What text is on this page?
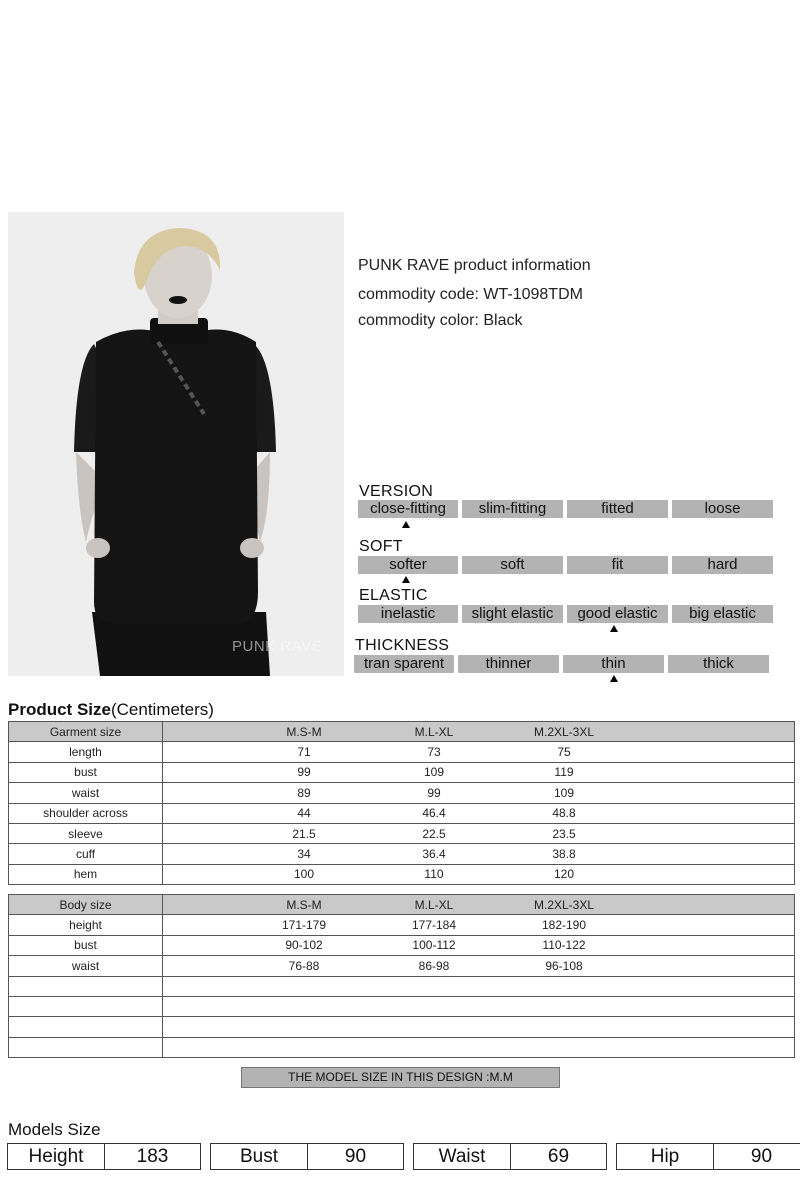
PUNK RAVE
PUNK RAVE product information
commodity code: WT-1098TDM
commodity color: Black
VERSION
close-fitting	slim-fitting	fitted	loose
SOFT
softer	soft	fit	hard
ELASTIC
inelastic	slight elastic	good elastic	big elastic
THICKNESS
tran sparent	thinner	thin	thick
Product Size(Centimeters)
Garment size	M.S-M M.L-XL M.2XL-3XL

length	71 73 75

bust	99 109 119

waist	89 99 109

shoulder across	44 46.4 48.8

sleeve	21.5 22.5 23.5

cuff	34 36.4 38.8

hem	100 110 120
Body size	M.S-M M.L-XL M.2XL-3XL

height	171-179 177-184 182-190

bust	90-102 100-112 110-122

waist	76-88 86-98 96-108

THE MODEL SIZE IN THIS DESIGN :M.M
Models Size
Height	183	Bust	90	Waist	69	Hip	90
